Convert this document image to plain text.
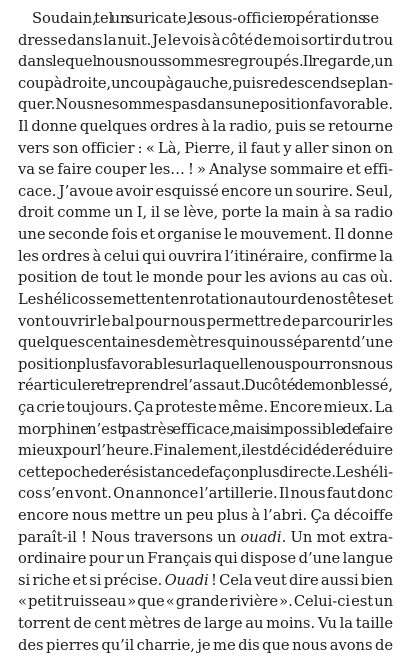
Soudain, tel un suricate, le sous-officier opérations se
dresse dans la nuit. Je le vois à côté de moi sortir du trou
dans lequel nous nous sommes regroupés. Il regarde, un
coup à droite, un coup à gauche, puis redescend se plan-
quer. Nous ne sommes pas dans une position favorable.
Il donne quelques ordres à la radio, puis se retourne
vers son officier : « Là, Pierre, il faut y aller sinon on
va se faire couper les… ! » Analyse sommaire et effi-
cace. J’avoue avoir esquissé encore un sourire. Seul,
droit comme un I, il se lève, porte la main à sa radio
une seconde fois et organise le mouvement. Il donne
les ordres à celui qui ouvrira l’itinéraire, confirme la
position de tout le monde pour les avions au cas où.
Les hélicos se mettent en rotation autour de nos têtes et
vont ouvrir le bal pour nous permettre de parcourir les
quelques centaines de mètres qui nous séparent d’une
position plus favorable sur laquelle nous pourrons nous
réarticuler et reprendre l’assaut. Du côté de mon blessé,
ça crie toujours. Ça proteste même. Encore mieux. La
morphine n’est pas très efficace, mais impossible de faire
mieux pour l’heure. Finalement, il est décidé de réduire
cette poche de résistance de façon plus directe. Les héli-
cos s’en vont. On annonce l’artillerie. Il nous faut donc
encore nous mettre un peu plus à l’abri. Ça décoiffe
paraît-il ! Nous traversons un ouadi. Un mot extra-
ordinaire pour un Français qui dispose d’une langue
si riche et si précise. Ouadi ! Cela veut dire aussi bien
« petit ruisseau » que « grande rivière ». Celui-ci est un
torrent de cent mètres de large au moins. Vu la taille
des pierres qu’il charrie, je me dis que nous avons de
